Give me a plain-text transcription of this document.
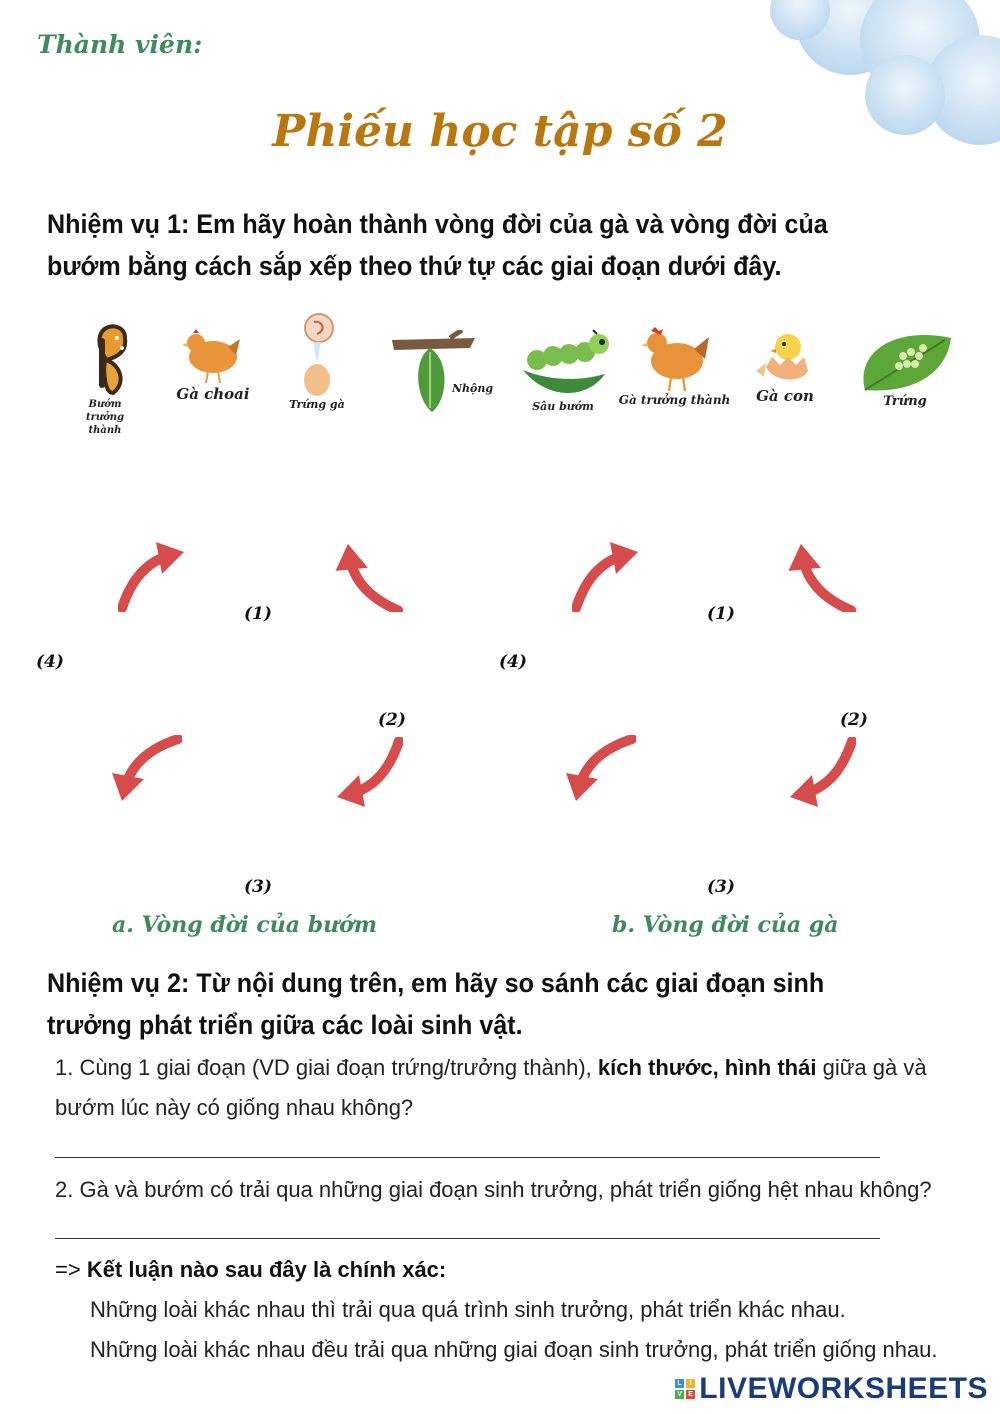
Thành viên:
Phiếu học tập số 2
Nhiệm vụ 1: Em hãy hoàn thành vòng đời của gà và vòng đời của bướm bằng cách sắp xếp theo thứ tự các giai đoạn dưới đây.
Bướm trưởng thành
Gà choai
Trứng gà
Nhộng
Sâu bướm	Gà trưởng thành	Gà con	Trứng
(1)
(2)
(3)
(4)
(1)
(2)
(3)
(4)
a. Vòng đời của bướm	b. Vòng đời của gà
Nhiệm vụ 2: Từ nội dung trên, em hãy so sánh các giai đoạn sinh trưởng phát triển giữa các loài sinh vật.
1. Cùng 1 giai đoạn (VD giai đoạn trứng/trưởng thành), kích thước, hình thái giữa gà và bướm lúc này có giống nhau không?
2. Gà và bướm có trải qua những giai đoạn sinh trưởng, phát triển giống hệt nhau không?
=> Kết luận nào sau đây là chính xác:
Những loài khác nhau thì trải qua quá trình sinh trưởng, phát triển khác nhau.
Những loài khác nhau đều trải qua những giai đoạn sinh trưởng, phát triển giống nhau.
L	I
V E LIVEWORKSHEETS
